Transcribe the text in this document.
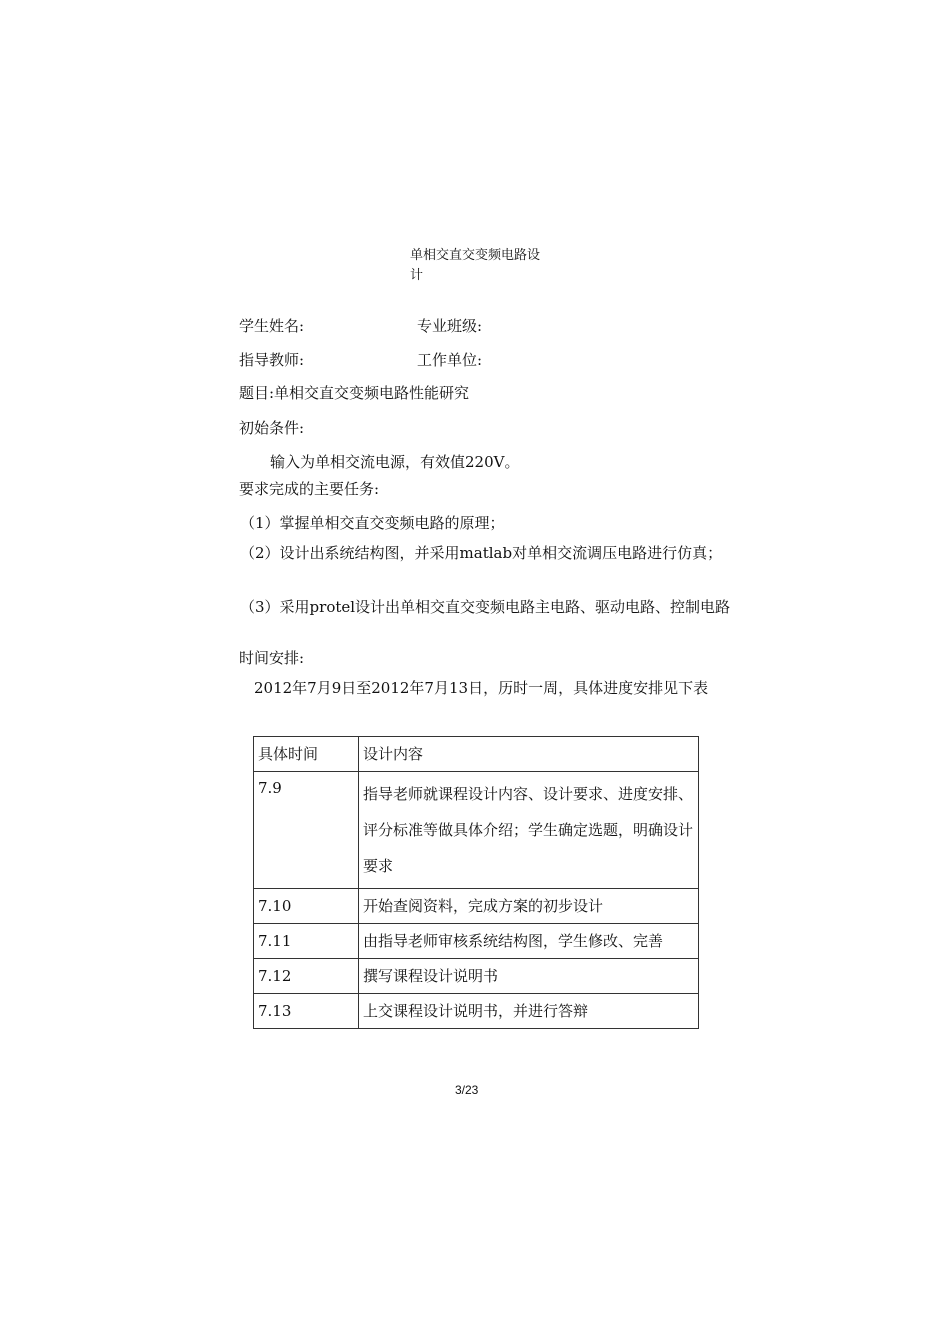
单相交直交变频电路设计
学生姓名:	专业班级:
指导教师:	工作单位:
题目:单相交直交变频电路性能研究
初始条件:
输入为单相交流电源，有效值220V。
要求完成的主要任务:
（1）掌握单相交直交变频电路的原理；
（2）设计出系统结构图，并采用matlab对单相交流调压电路进行仿真；
（3）采用protel设计出单相交直交变频电路主电路、驱动电路、控制电路
时间安排:
2012年7月9日至2012年7月13日，历时一周，具体进度安排见下表
具体时间	设计内容
7.9	指导老师就课程设计内容、设计要求、进度安排、评分标准等做具体介绍；学生确定选题，明确设计要求
7.10	开始查阅资料，完成方案的初步设计
7.11	由指导老师审核系统结构图，学生修改、完善
7.12	撰写课程设计说明书
7.13	上交课程设计说明书，并进行答辩
3/23
